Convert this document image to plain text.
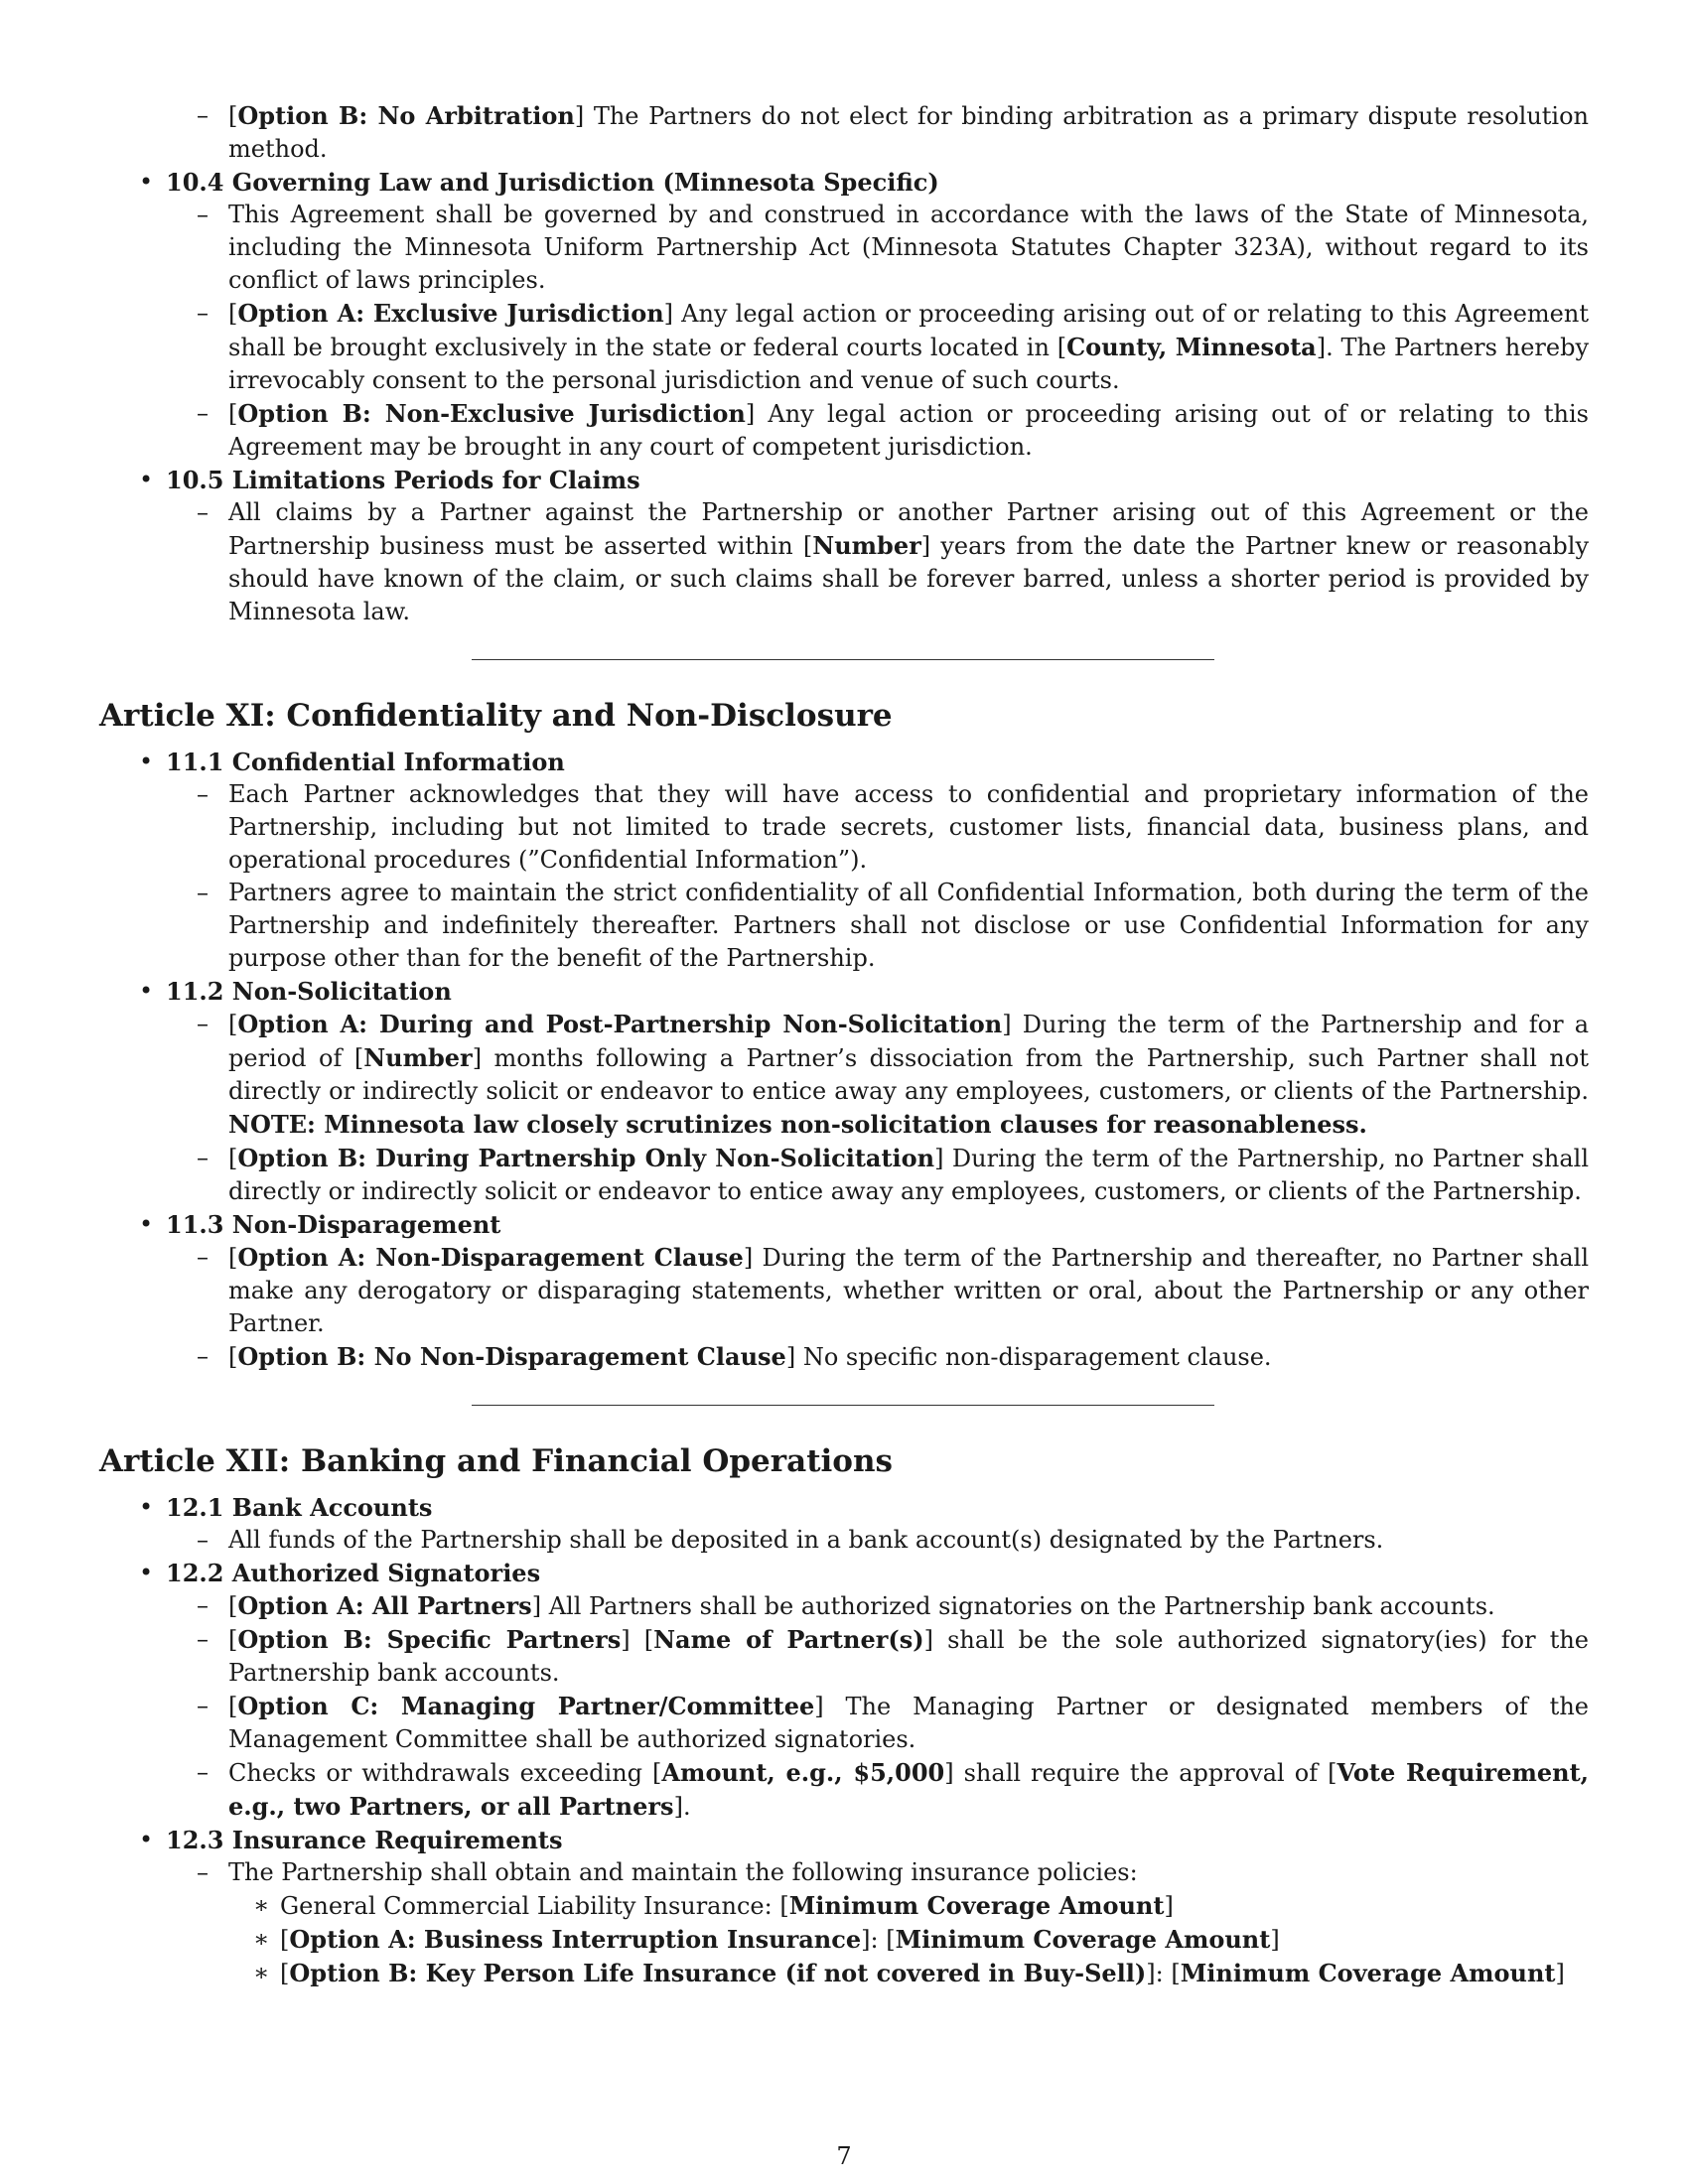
– [Option B: No Arbitration] The Partners do not elect for binding arbitration as a primary dispute resolution method.

• 10.4 Governing Law and Jurisdiction (Minnesota Specific)

– This Agreement shall be governed by and construed in accordance with the laws of the State of Minnesota, including the Minnesota Uniform Partnership Act (Minnesota Statutes Chapter 323A), without regard to its conflict of laws principles.

– [Option A: Exclusive Jurisdiction] Any legal action or proceeding arising out of or relating to this Agreement shall be brought exclusively in the state or federal courts located in [County, Minnesota]. The Partners hereby irrevocably consent to the personal jurisdiction and venue of such courts.

– [Option B: Non-Exclusive Jurisdiction] Any legal action or proceeding arising out of or relating to this Agreement may be brought in any court of competent jurisdiction.

• 10.5 Limitations Periods for Claims

– All claims by a Partner against the Partnership or another Partner arising out of this Agreement or the Partnership business must be asserted within [Number] years from the date the Partner knew or reasonably should have known of the claim, or such claims shall be forever barred, unless a shorter period is provided by Minnesota law.

Article XI: Confidentiality and Non-Disclosure

• 11.1 Confidential Information

– Each Partner acknowledges that they will have access to confidential and proprietary information of the Partnership, including but not limited to trade secrets, customer lists, financial data, business plans, and operational procedures (”Confidential Information”).

– Partners agree to maintain the strict confidentiality of all Confidential Information, both during the term of the Partnership and indefinitely thereafter. Partners shall not disclose or use Confidential Information for any purpose other than for the benefit of the Partnership.

• 11.2 Non-Solicitation

– [Option A: During and Post-Partnership Non-Solicitation] During the term of the Partnership and for a period of [Number] months following a Partner’s dissociation from the Partnership, such Partner shall not directly or indirectly solicit or endeavor to entice away any employees, customers, or clients of the Partnership. NOTE: Minnesota law closely scrutinizes non-solicitation clauses for reasonableness.

– [Option B: During Partnership Only Non-Solicitation] During the term of the Partnership, no Partner shall directly or indirectly solicit or endeavor to entice away any employees, customers, or clients of the Partnership.

• 11.3 Non-Disparagement

– [Option A: Non-Disparagement Clause] During the term of the Partnership and thereafter, no Partner shall make any derogatory or disparaging statements, whether written or oral, about the Partnership or any other Partner.

– [Option B: No Non-Disparagement Clause] No specific non-disparagement clause.

Article XII: Banking and Financial Operations

• 12.1 Bank Accounts

– All funds of the Partnership shall be deposited in a bank account(s) designated by the Partners.

• 12.2 Authorized Signatories

– [Option A: All Partners] All Partners shall be authorized signatories on the Partnership bank accounts.

– [Option B: Specific Partners] [Name of Partner(s)] shall be the sole authorized signatory(ies) for the Partnership bank accounts.

– [Option C: Managing Partner/Committee] The Managing Partner or designated members of the Management Committee shall be authorized signatories.

– Checks or withdrawals exceeding [Amount, e.g., $5,000] shall require the approval of [Vote Requirement, e.g., two Partners, or all Partners].

• 12.3 Insurance Requirements

– The Partnership shall obtain and maintain the following insurance policies:

∗ General Commercial Liability Insurance: [Minimum Coverage Amount]

∗ [Option A: Business Interruption Insurance]: [Minimum Coverage Amount]

∗ [Option B: Key Person Life Insurance (if not covered in Buy-Sell)]: [Minimum Coverage Amount]

7
